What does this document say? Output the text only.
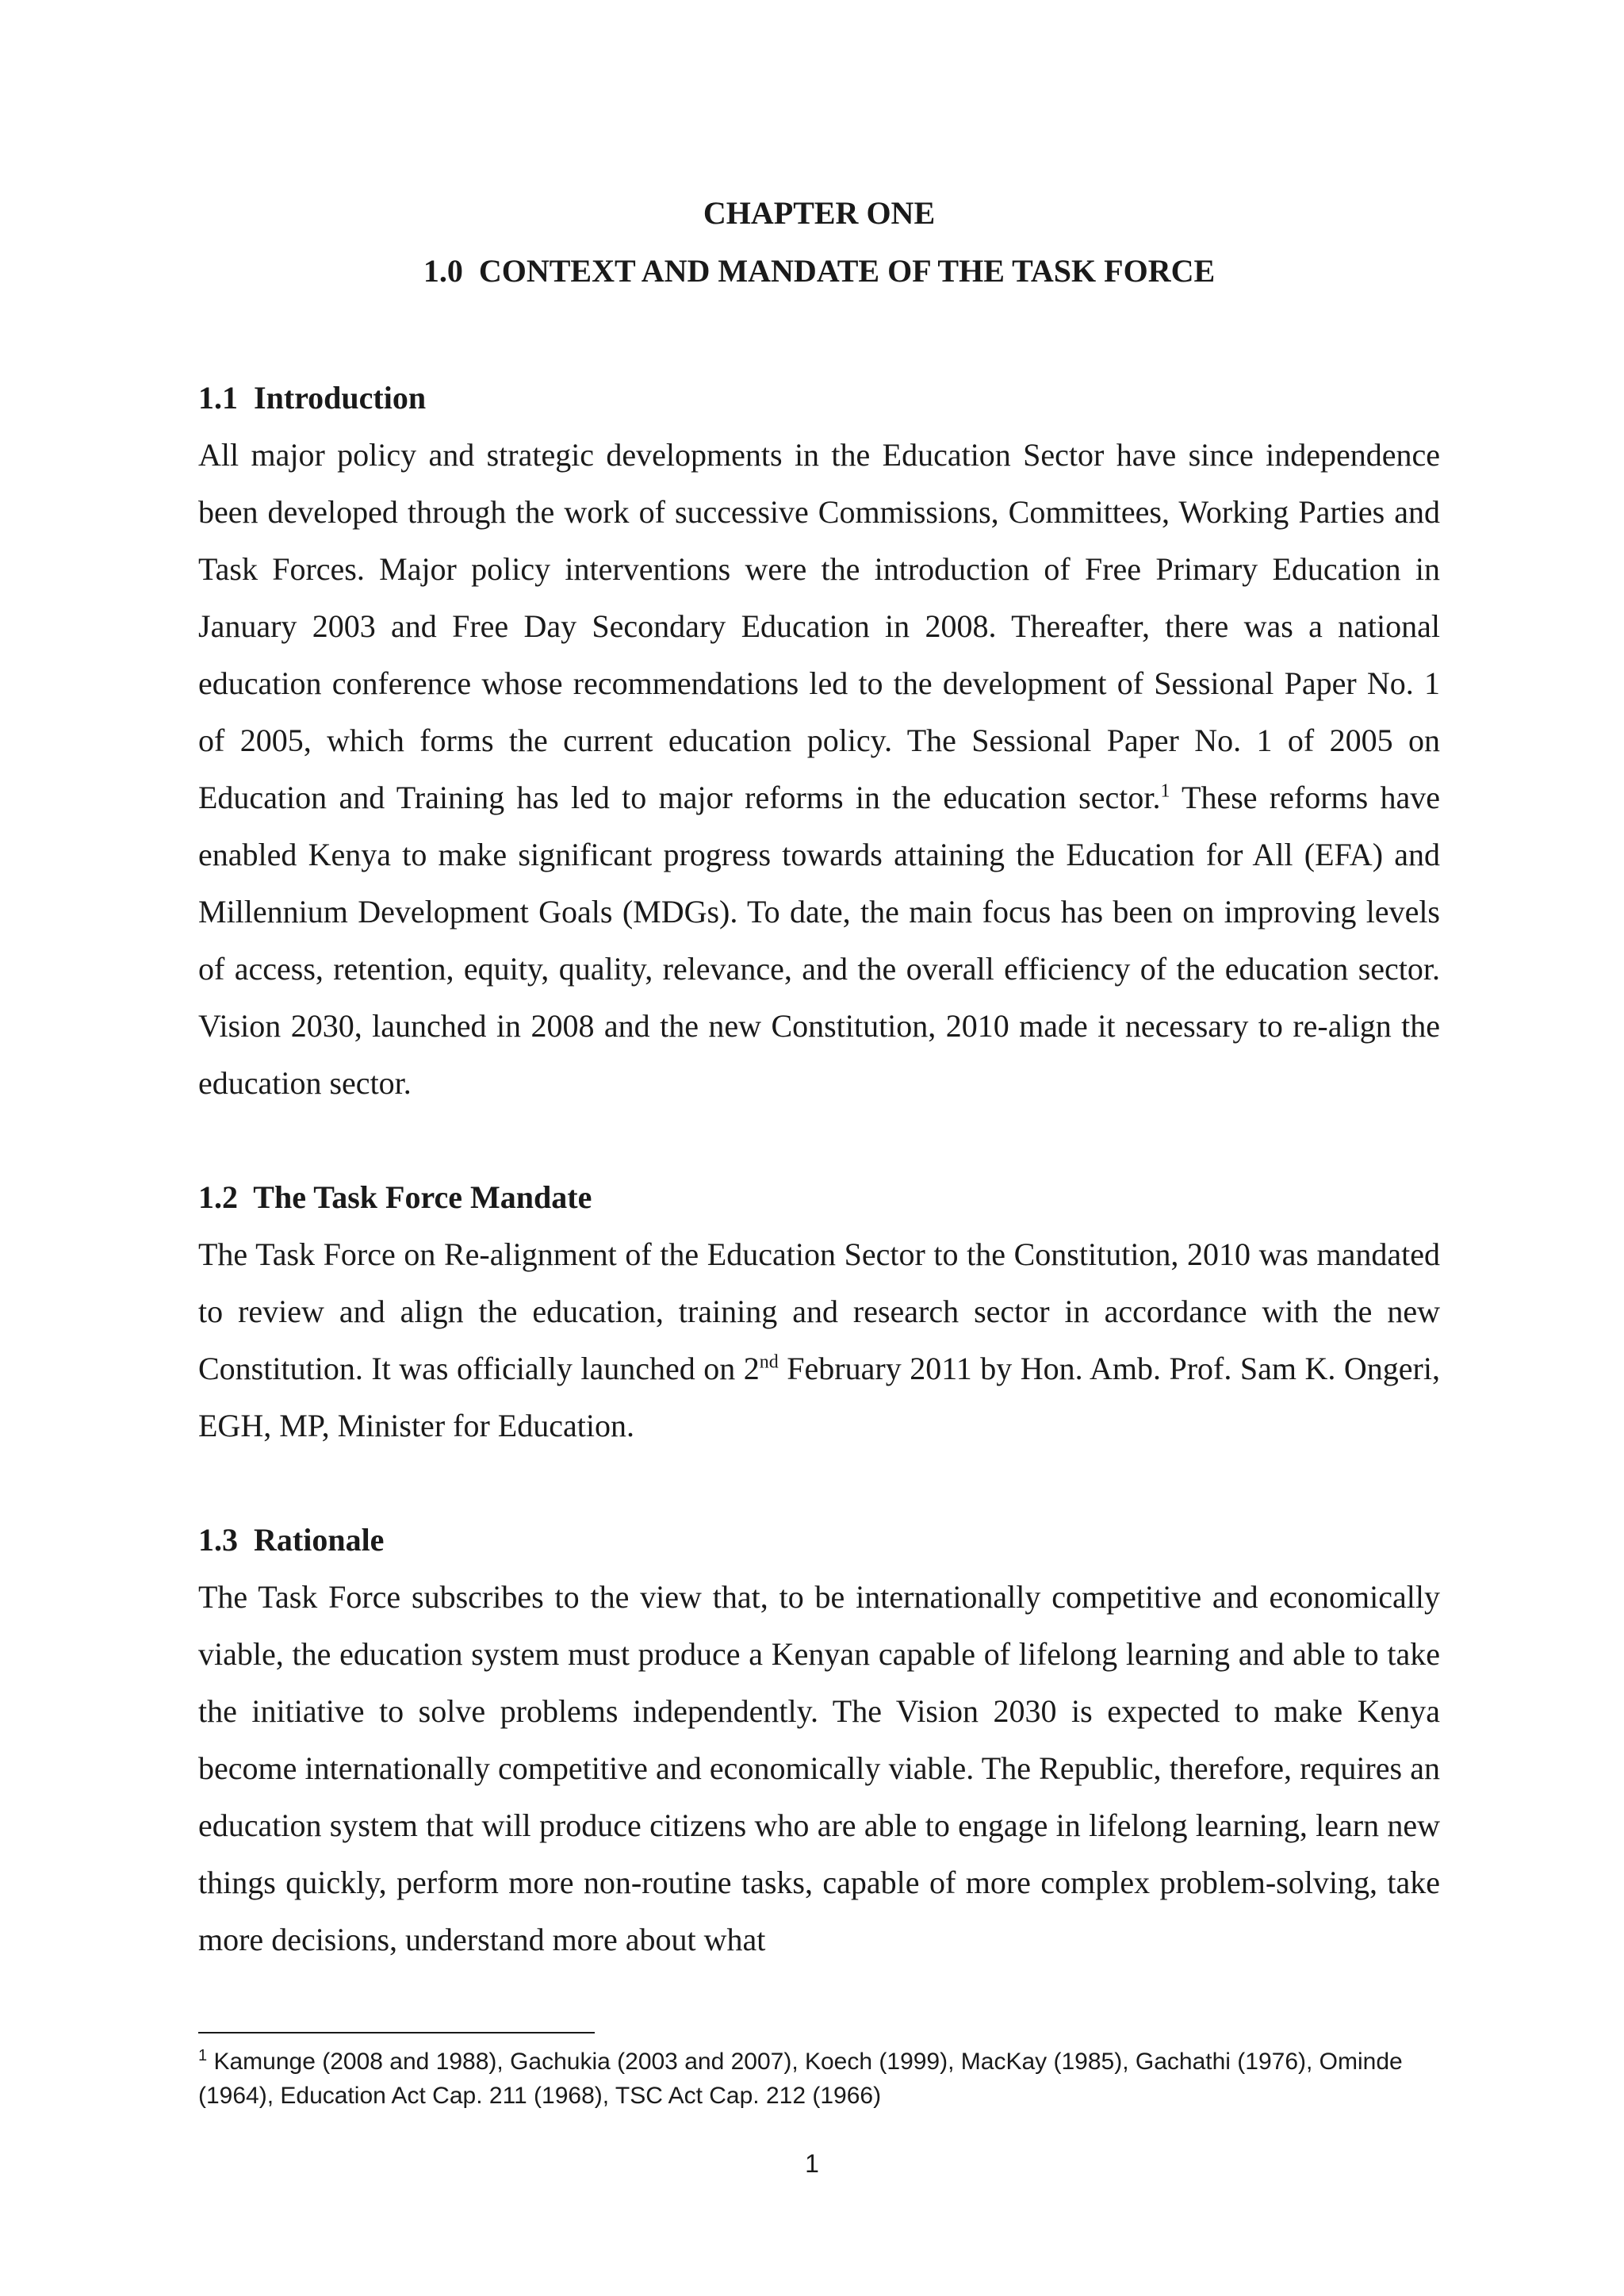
CHAPTER ONE
1.0  CONTEXT AND MANDATE OF THE TASK FORCE
1.1  Introduction

All major policy and strategic developments in the Education Sector have since independence been developed through the work of successive Commissions, Committees, Working Parties and Task Forces. Major policy interventions were the introduction of Free Primary Education in January 2003 and Free Day Secondary Education in 2008. Thereafter, there was a national education conference whose recommendations led to the development of Sessional Paper No. 1 of 2005, which forms the current education policy. The Sessional Paper No. 1 of 2005 on Education and Training has led to major reforms in the education sector.$^1$ These reforms have enabled Kenya to make significant progress towards attaining the Education for All (EFA) and Millennium Development Goals (MDGs). To date, the main focus has been on improving levels of access, retention, equity, quality, relevance, and the overall efficiency of the education sector. Vision 2030, launched in 2008 and the new Constitution, 2010 made it necessary to re-align the education sector.

1.2  The Task Force Mandate

The Task Force on Re-alignment of the Education Sector to the Constitution, 2010 was mandated to review and align the education, training and research sector in accordance with the new Constitution. It was officially launched on 2nd February 2011 by Hon. Amb. Prof. Sam K. Ongeri, EGH, MP, Minister for Education.

1.3  Rationale

The Task Force subscribes to the view that, to be internationally competitive and economically viable, the education system must produce a Kenyan capable of lifelong learning and able to take the initiative to solve problems independently. The Vision 2030 is expected to make Kenya become internationally competitive and economically viable. The Republic, therefore, requires an education system that will produce citizens who are able to engage in lifelong learning, learn new things quickly, perform more non-routine tasks, capable of more complex problem-solving, take more decisions, understand more about what

$^1$ Kamunge (2008 and 1988), Gachukia (2003 and 2007), Koech (1999), MacKay (1985), Gachathi (1976), Ominde (1964), Education Act Cap. 211 (1968), TSC Act Cap. 212 (1966)

1
